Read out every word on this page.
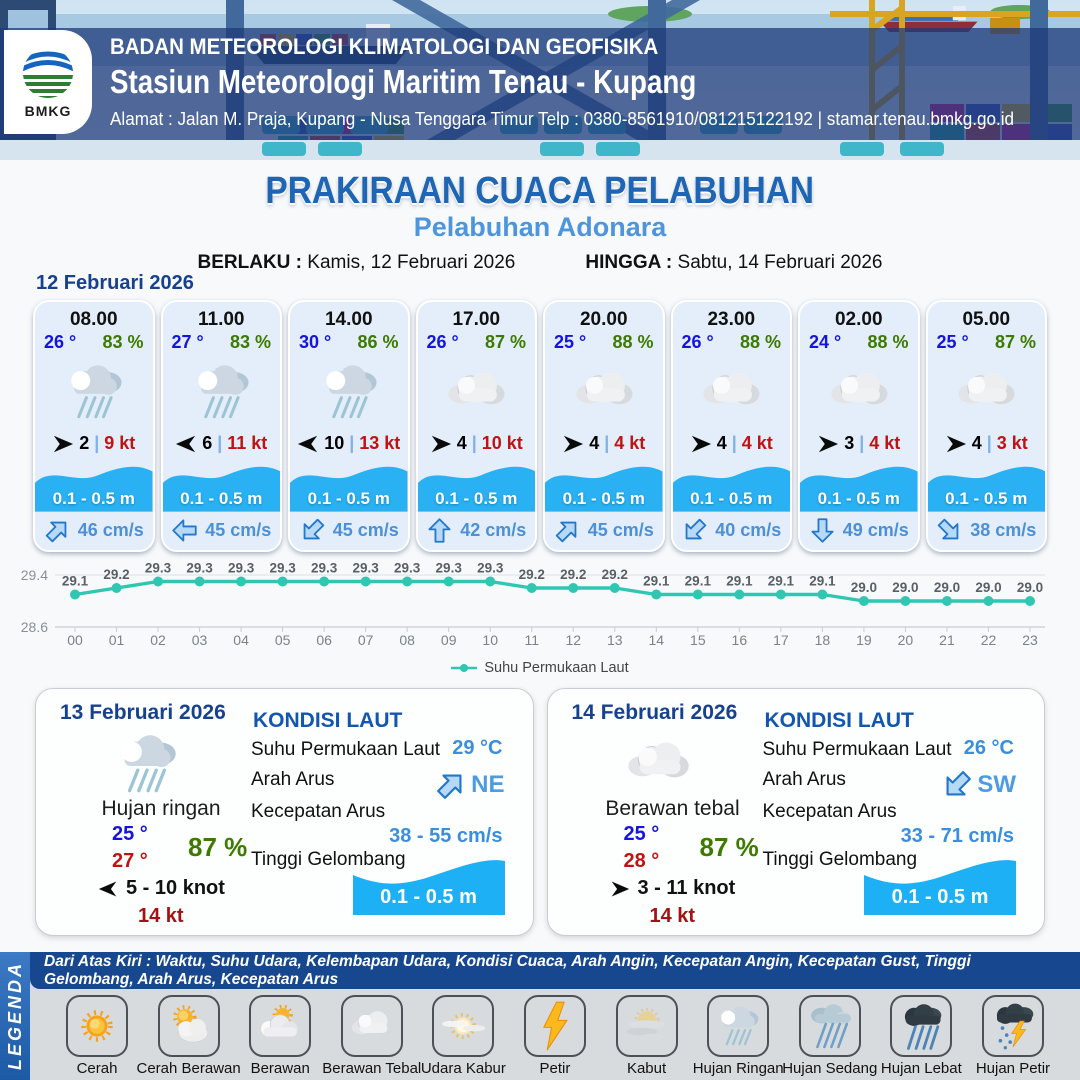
BADAN METEOROLOGI KLIMATOLOGI DAN GEOFISIKA
Stasiun Meteorologi Maritim Tenau - Kupang
Alamat : Jalan M. Praja, Kupang - Nusa Tenggara Timur Telp : 0380-8561910/081215122192 | stamar.tenau.bmkg.go.id
BMKG
PRAKIRAAN CUACA PELABUHAN
Pelabuhan Adonara
BERLAKU : Kamis, 12 Februari 2026	HINGGA : Sabtu, 14 Februari 2026
12 Februari 2026
08.00
26 ° 83 %
2 | 9 kt
0.1 - 0.5 m
46 cm/s
11.00
27 ° 83 %
6 | 11 kt
0.1 - 0.5 m
45 cm/s
14.00
30 ° 86 %
10 | 13 kt
0.1 - 0.5 m
45 cm/s
17.00
26 ° 87 %
4 | 10 kt
0.1 - 0.5 m
42 cm/s
20.00
25 ° 88 %
4 | 4 kt
0.1 - 0.5 m
45 cm/s
23.00
26 ° 88 %
4 | 4 kt
0.1 - 0.5 m
40 cm/s
02.00
24 ° 88 %
3 | 4 kt
0.1 - 0.5 m
49 cm/s
05.00
25 ° 87 %
4 | 3 kt
0.1 - 0.5 m
38 cm/s
29.4
28.6
29.1
00
29.2
01
29.3
02
29.3
03
29.3
04
29.3
05
29.3
06
29.3
07
29.3
08
29.3
09
29.3
10
29.2
11
29.2
12
29.2
13
29.1
14
29.1
15
29.1
16
29.1
17
29.1
18
29.0
19
29.0
20
29.0
21
29.0
22
29.0
23
Suhu Permukaan Laut
13 Februari 2026
Hujan ringan
25 °
27 ° 87 %
5 - 10 knot
14 kt
KONDISI LAUT
Suhu Permukaan Laut 29 °C
Arah Arus	NE
Kecepatan Arus
38 - 55 cm/s
Tinggi Gelombang
0.1 - 0.5 m
14 Februari 2026
Berawan tebal
25 °
28 ° 87 %
3 - 11 knot
14 kt
KONDISI LAUT
Suhu Permukaan Laut 26 °C
Arah Arus	SW
Kecepatan Arus
33 - 71 cm/s
Tinggi Gelombang
0.1 - 0.5 m
LEGENDA
Dari Atas Kiri : Waktu, Suhu Udara, Kelembapan Udara, Kondisi Cuaca, Arah Angin, Kecepatan Angin, Kecepatan Gust, Tinggi Gelombang, Arah Arus, Kecepatan Arus
Cerah Cerah Berawan Berawan Berawan Tebal Udara Kabur Petir	Kabut Hujan Ringan
Hujan Sedang Hujan Lebat Hujan Petir
